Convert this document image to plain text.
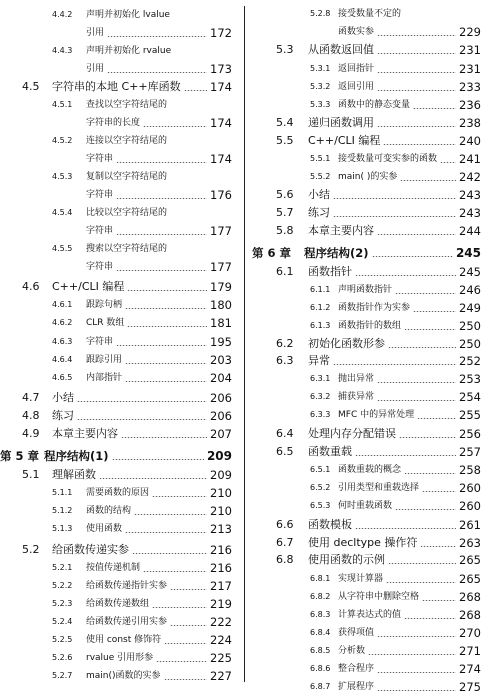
4.4.2 声明并初始化 lvalue
引用	172
4.4.3 声明并初始化 rvalue
引用	173
4.5 字符串的本地 C++库函数	174
4.5.1 查找以空字符结尾的
字符串的长度	174
4.5.2 连接以空字符结尾的
字符串	174
4.5.3 复制以空字符结尾的
字符串	176
4.5.4 比较以空字符结尾的
字符串	177
4.5.5 搜索以空字符结尾的
字符串	177
4.6 C++/CLI 编程	179
4.6.1 跟踪句柄	180
4.6.2 CLR 数组	181
4.6.3 字符串	195
4.6.4 跟踪引用	203
4.6.5 内部指针	204
4.7 小结	206
4.8 练习	206
4.9 本章主要内容	207
第 5 章 程序结构(1)	209
5.1 理解函数	209
5.1.1 需要函数的原因	210
5.1.2 函数的结构	210
5.1.3 使用函数	213
5.2 给函数传递实参	216
5.2.1 按值传递机制	216
5.2.2 给函数传递指针实参	217
5.2.3 给函数传递数组	219
5.2.4 给函数传递引用实参	222
5.2.5 使用 const 修饰符	224
5.2.6 rvalue 引用形参	225
5.2.7 main()函数的实参	227
5.2.8 接受数量不定的
函数实参	229
5.3 从函数返回值	231
5.3.1 返回指针	231
5.3.2 返回引用	233
5.3.3 函数中的静态变量	236
5.4 递归函数调用	238
5.5 C++/CLI 编程	240
5.5.1 接受数量可变实参的函数 241
5.5.2 main( )的实参	242
5.6 小结	243
5.7 练习	243
5.8 本章主要内容	244
第 6 章 程序结构(2)	245
6.1 函数指针	245
6.1.1 声明函数指针	246
6.1.2 函数指针作为实参	249
6.1.3 函数指针的数组	250
6.2 初始化函数形参	250
6.3 异常	252
6.3.1 抛出异常	253
6.3.2 捕获异常	254
6.3.3 MFC 中的异常处理	255
6.4 处理内存分配错误	256
6.5 函数重载	257
6.5.1 函数重载的概念	258
6.5.2 引用类型和重载选择	260
6.5.3 何时重载函数	260
6.6 函数模板	261
6.7 使用 decltype 操作符	263
6.8 使用函数的示例	265
6.8.1 实现计算器	265
6.8.2 从字符串中删除空格	268
6.8.3 计算表达式的值	268
6.8.4 获得项值	270
6.8.5 分析数	271
6.8.6 整合程序	274
6.8.7 扩展程序	275
